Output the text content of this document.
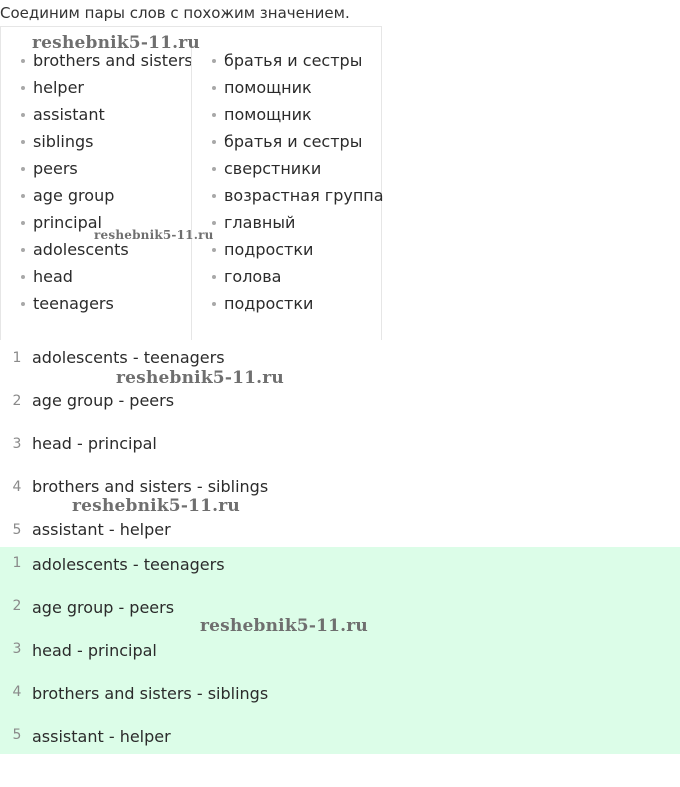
Соединим пары слов с похожим значением.
brothers and sisters
helper
assistant
siblings
peers
age group
principal
adolescents
head
teenagers
братья и сестры
помощник
помощник
братья и сестры
сверстники
возрастная группа
главный
подростки
голова
подростки
1 adolescents - teenagers
2 age group - peers
3 head - principal
4 brothers and sisters - siblings
5 assistant - helper
1 adolescents - teenagers
2 age group - peers
3 head - principal
4 brothers and sisters - siblings
5 assistant - helper
reshebnik5-11.ru
reshebnik5-11.ru
reshebnik5-11.ru
reshebnik5-11.ru
reshebnik5-11.ru
